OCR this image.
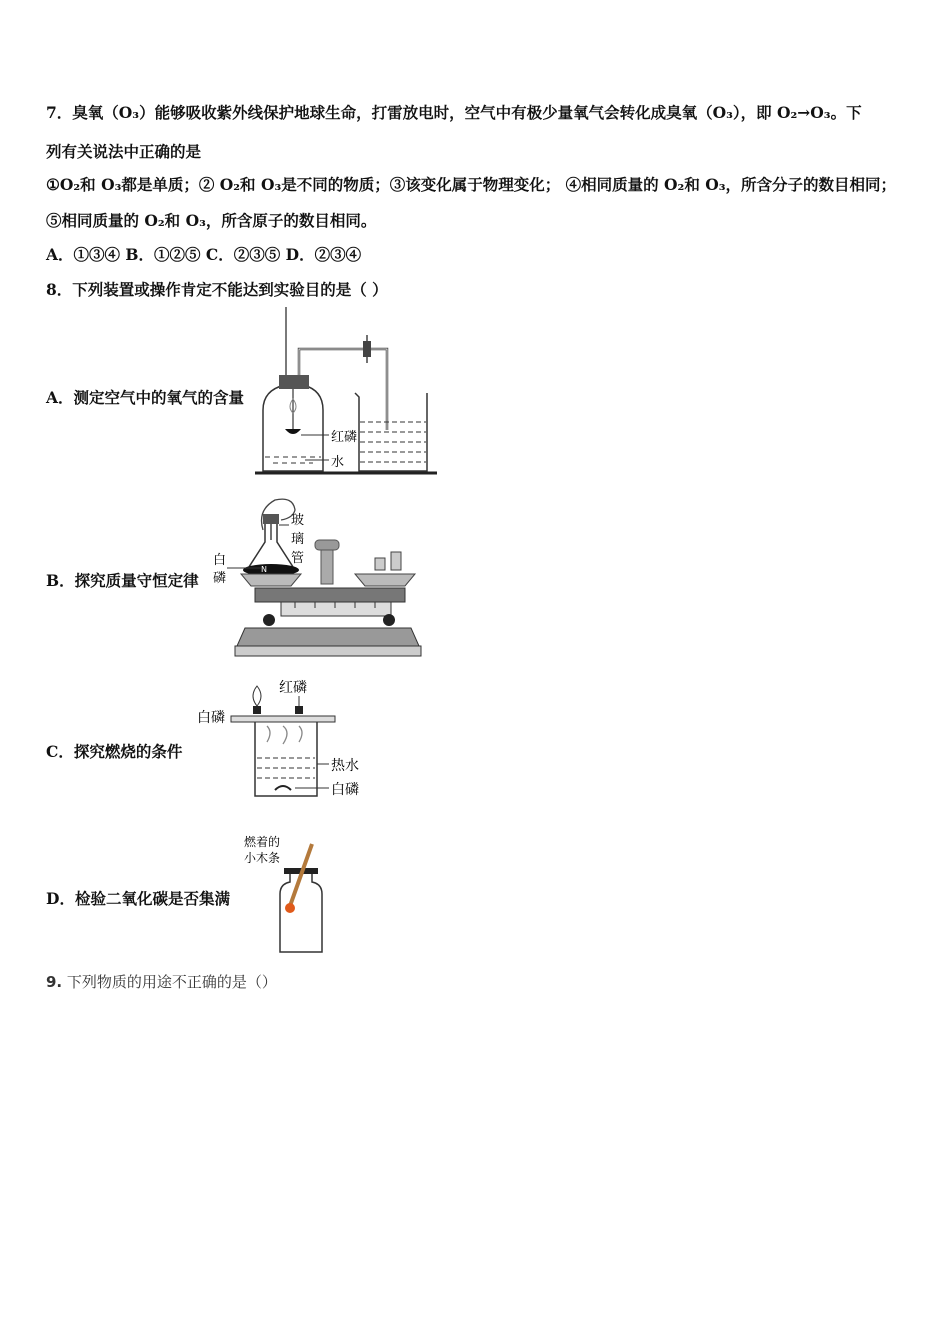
7．臭氧（O₃）能够吸收紫外线保护地球生命，打雷放电时，空气中有极少量氧气会转化成臭氧（O₃），即 O₂→O₃。下
列有关说法中正确的是
①O₂和 O₃都是单质；② O₂和 O₃是不同的物质；③该变化属于物理变化； ④相同质量的 O₂和 O₃，所含分子的数目相同；
⑤相同质量的 O₂和 O₃，所含原子的数目相同。
A．①③④ B．①②⑤ C．②③⑤ D．②③④
8．下列装置或操作肯定不能达到实验目的是（ ）
A．测定空气中的氧气的含量
红磷
水
B．探究质量守恒定律
N
玻
璃
管
白
磷
C．探究燃烧的条件
红磷
白磷
热水
白磷
D．检验二氧化碳是否集满
燃着的
小木条
9. 下列物质的用途不正确的是（）
